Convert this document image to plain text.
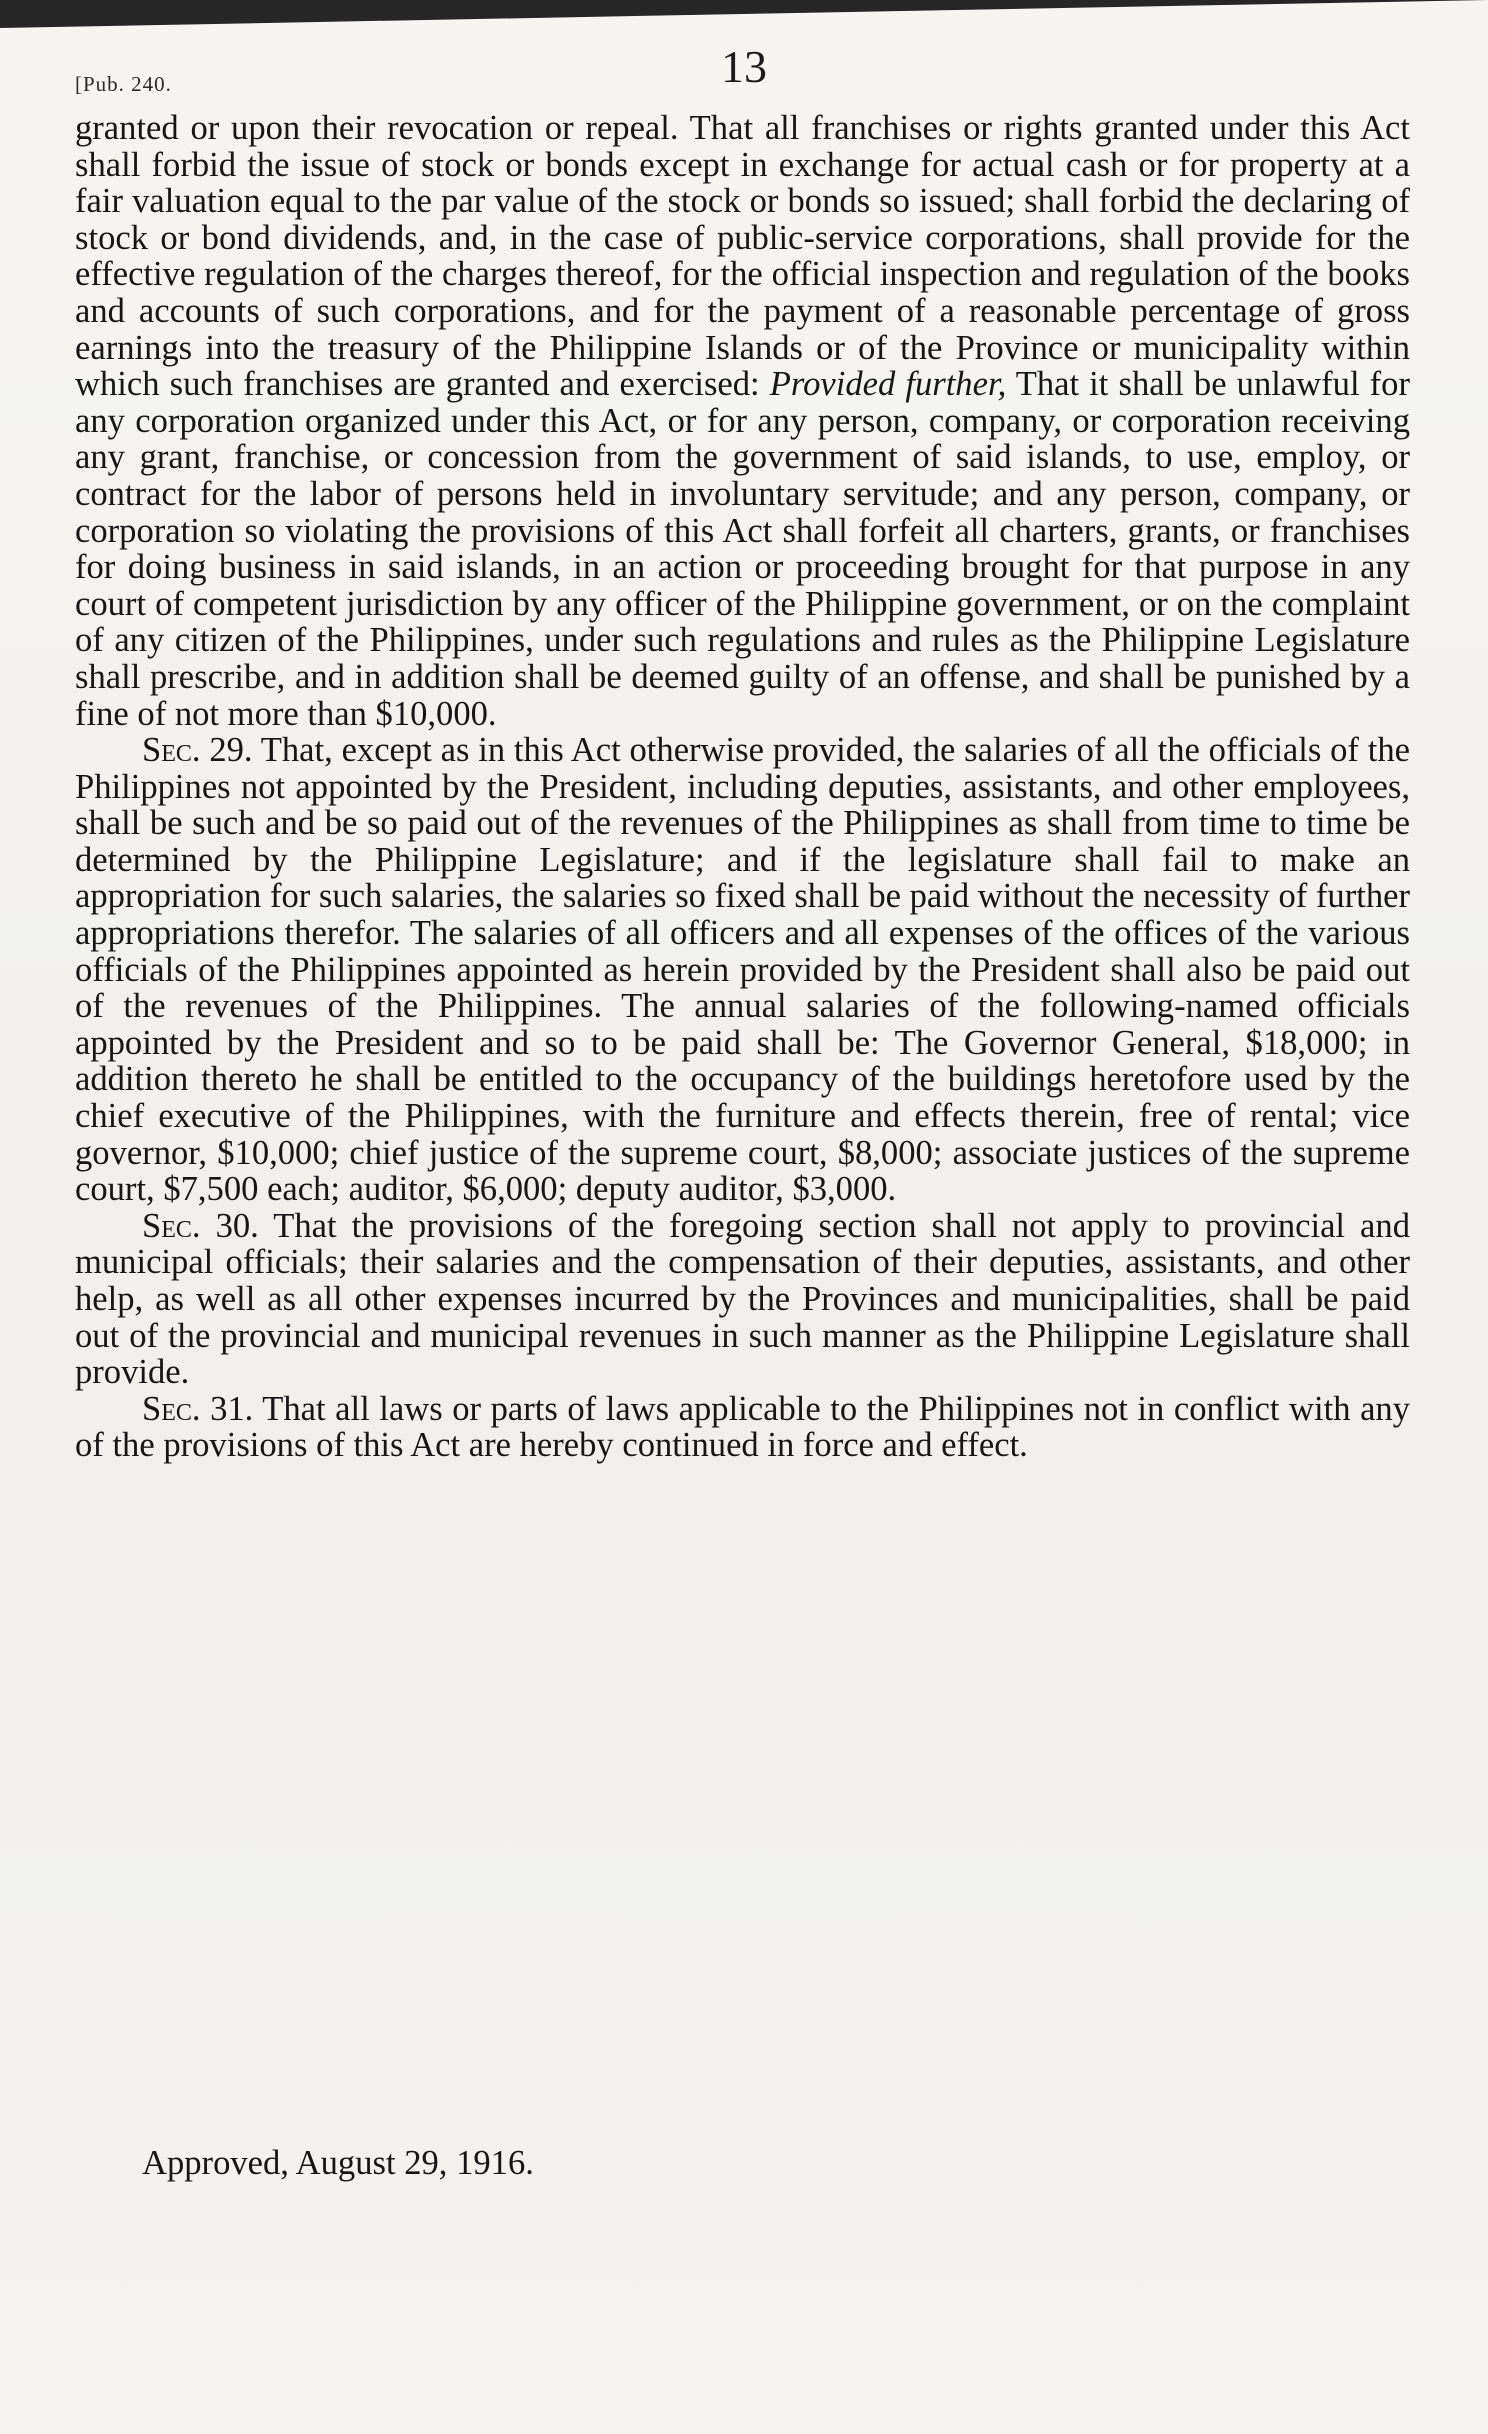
[Pub. 240.	13

granted or upon their revocation or repeal. That all franchises or rights granted under this Act shall forbid the issue of stock or bonds except in exchange for actual cash or for property at a fair valuation equal to the par value of the stock or bonds so issued; shall forbid the declaring of stock or bond dividends, and, in the case of public-service corporations, shall provide for the effective regulation of the charges thereof, for the official inspection and regulation of the books and accounts of such corporations, and for the payment of a reasonable percentage of gross earnings into the treasury of the Philippine Islands or of the Province or municipality within which such franchises are granted and exercised: Provided further, That it shall be unlawful for any corporation organized under this Act, or for any person, company, or corporation receiving any grant, franchise, or concession from the government of said islands, to use, employ, or contract for the labor of persons held in involuntary servitude; and any person, company, or corporation so violating the provisions of this Act shall forfeit all charters, grants, or franchises for doing business in said islands, in an action or proceeding brought for that purpose in any court of competent jurisdiction by any officer of the Philippine government, or on the complaint of any citizen of the Philippines, under such regulations and rules as the Philippine Legislature shall prescribe, and in addition shall be deemed guilty of an offense, and shall be punished by a fine of not more than $10,000.

Sec. 29. That, except as in this Act otherwise provided, the salaries of all the officials of the Philippines not appointed by the President, including deputies, assistants, and other employees, shall be such and be so paid out of the revenues of the Philippines as shall from time to time be determined by the Philippine Legislature; and if the legislature shall fail to make an appropriation for such salaries, the salaries so fixed shall be paid without the necessity of further appropriations therefor. The salaries of all officers and all expenses of the offices of the various officials of the Philippines appointed as herein provided by the President shall also be paid out of the revenues of the Philippines. The annual salaries of the following-named officials appointed by the President and so to be paid shall be: The Governor General, $18,000; in addition thereto he shall be entitled to the occupancy of the buildings heretofore used by the chief executive of the Philippines, with the furniture and effects therein, free of rental; vice governor, $10,000; chief justice of the supreme court, $8,000; associate justices of the supreme court, $7,500 each; auditor, $6,000; deputy auditor, $3,000.

Sec. 30. That the provisions of the foregoing section shall not apply to provincial and municipal officials; their salaries and the compensation of their deputies, assistants, and other help, as well as all other expenses incurred by the Provinces and municipalities, shall be paid out of the provincial and municipal revenues in such manner as the Philippine Legislature shall provide.

Sec. 31. That all laws or parts of laws applicable to the Philippines not in conflict with any of the provisions of this Act are hereby continued in force and effect.

Approved, August 29, 1916.
